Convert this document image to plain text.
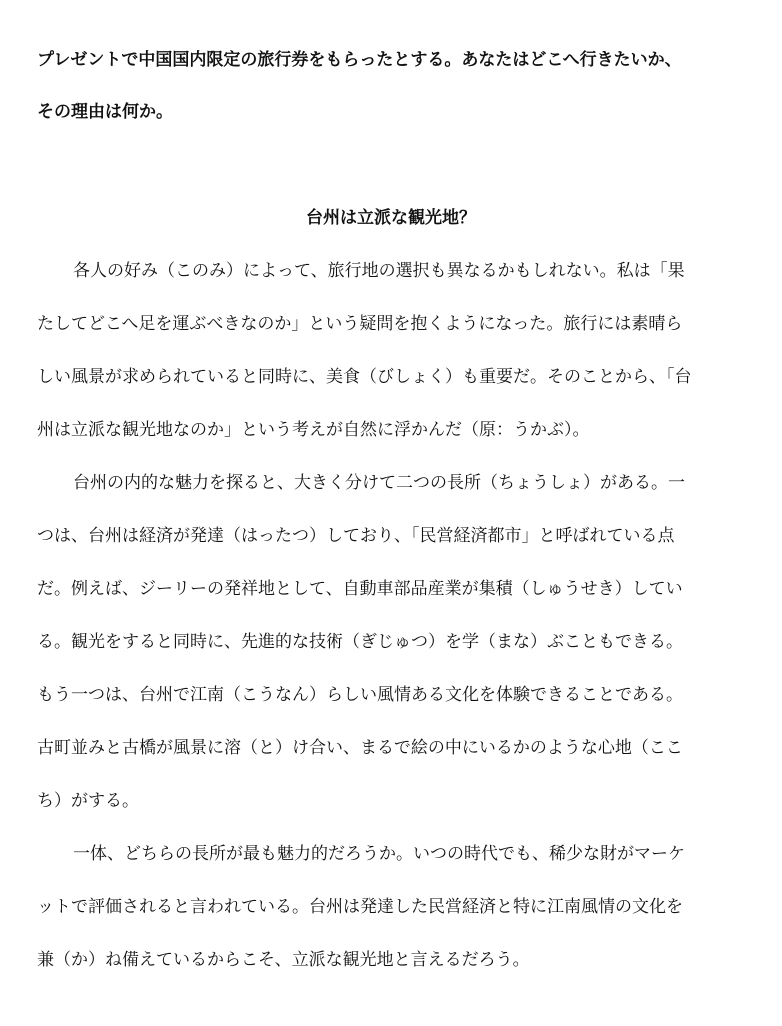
プレゼントで中国国内限定の旅行券をもらったとする。あなたはどこへ行きたいか、
その理由は何か。
台州は立派な観光地？
各人の好み（このみ）によって、旅行地の選択も異なるかもしれない。私は「果
たしてどこへ足を運ぶべきなのか」という疑問を抱くようになった。旅行には素晴ら
しい風景が求められていると同時に、美食（びしょく）も重要だ。そのことから、「台
州は立派な観光地なのか」という考えが自然に浮かんだ（原：うかぶ）。
台州の内的な魅力を探ると、大きく分けて二つの長所（ちょうしょ）がある。一
つは、台州は経済が発達（はったつ）しており、「民営経済都市」と呼ばれている点
だ。例えば、ジーリーの発祥地として、自動車部品産業が集積（しゅうせき）してい
る。観光をすると同時に、先進的な技術（ぎじゅつ）を学（まな）ぶこともできる。
もう一つは、台州で江南（こうなん）らしい風情ある文化を体験できることである。
古町並みと古橋が風景に溶（と）け合い、まるで絵の中にいるかのような心地（ここ
ち）がする。
一体、どちらの長所が最も魅力的だろうか。いつの時代でも、稀少な財がマーケ
ットで評価されると言われている。台州は発達した民営経済と特に江南風情の文化を
兼（か）ね備えているからこそ、立派な観光地と言えるだろう。
